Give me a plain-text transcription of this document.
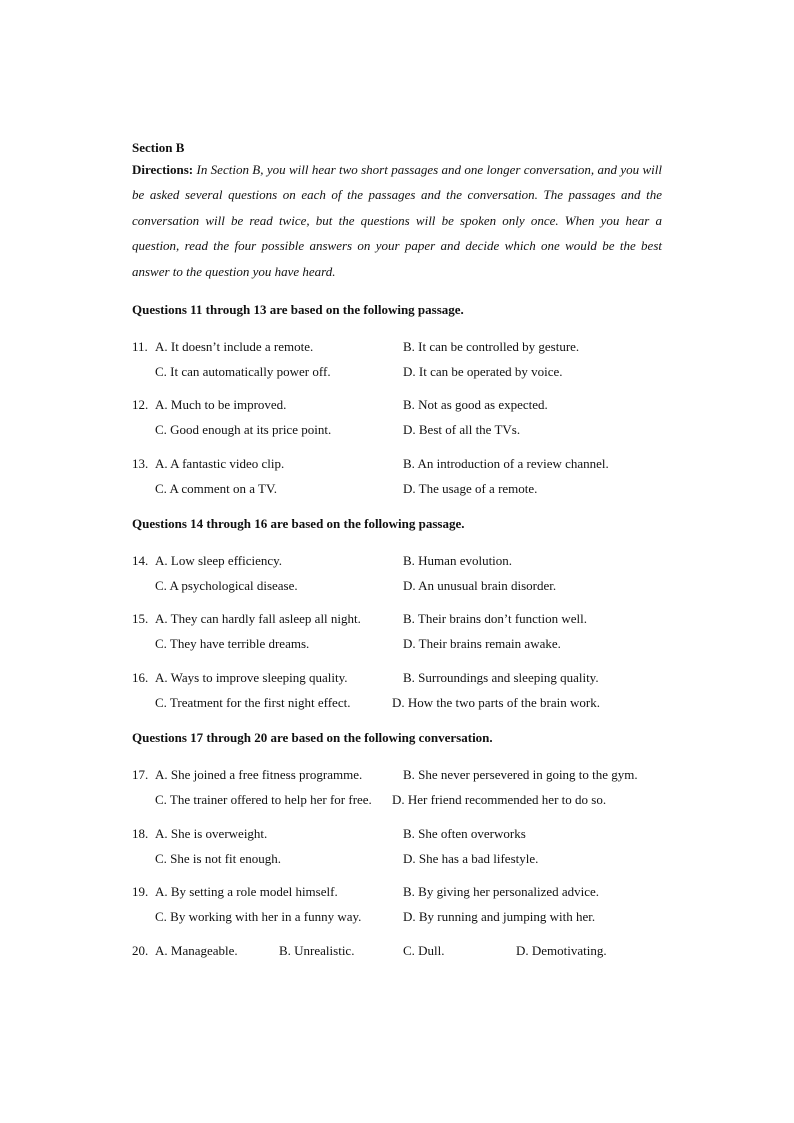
Section B

Directions: In Section B, you will hear two short passages and one longer conversation, and you will be asked several questions on each of the passages and the conversation. The passages and the conversation will be read twice, but the questions will be spoken only once. When you hear a question, read the four possible answers on your paper and decide which one would be the best answer to the question you have heard.

Questions 11 through 13 are based on the following passage.

11. A. It doesn’t include a remote.	B. It can be controlled by gesture.
C. It can automatically power off.	D. It can be operated by voice.
12. A. Much to be improved.	B. Not as good as expected.
C. Good enough at its price point.	D. Best of all the TVs.
13. A. A fantastic video clip.	B. An introduction of a review channel.
C. A comment on a TV.	D. The usage of a remote.

Questions 14 through 16 are based on the following passage.

14. A. Low sleep efficiency.	B. Human evolution.
C. A psychological disease.	D. An unusual brain disorder.
15. A. They can hardly fall asleep all night.	B. Their brains don’t function well.
C. They have terrible dreams.	D. Their brains remain awake.
16. A. Ways to improve sleeping quality.	B. Surroundings and sleeping quality.
C. Treatment for the first night effect.	D. How the two parts of the brain work.

Questions 17 through 20 are based on the following conversation.

17. A. She joined a free fitness programme.	B. She never persevered in going to the gym.
C. The trainer offered to help her for free. D. Her friend recommended her to do so.
18. A. She is overweight.	B. She often overworks
C. She is not fit enough.	D. She has a bad lifestyle.
19. A. By setting a role model himself.	B. By giving her personalized advice.
C. By working with her in a funny way.	D. By running and jumping with her.
20. A. Manageable.	B. Unrealistic.	C. Dull.	D. Demotivating.
